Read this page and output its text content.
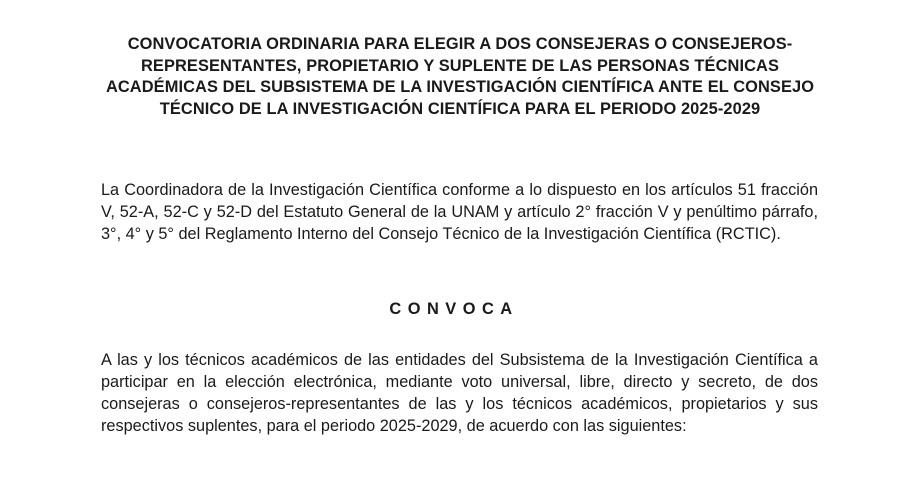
CONVOCATORIA ORDINARIA PARA ELEGIR A DOS CONSEJERAS O CONSEJEROS-REPRESENTANTES, PROPIETARIO Y SUPLENTE DE LAS PERSONAS TÉCNICAS ACADÉMICAS DEL SUBSISTEMA DE LA INVESTIGACIÓN CIENTÍFICA ANTE EL CONSEJO TÉCNICO DE LA INVESTIGACIÓN CIENTÍFICA PARA EL PERIODO 2025-2029

La Coordinadora de la Investigación Científica conforme a lo dispuesto en los artículos 51 fracción V, 52-A, 52-C y 52-D del Estatuto General de la UNAM y artículo 2° fracción V y penúltimo párrafo, 3°, 4° y 5° del Reglamento Interno del Consejo Técnico de la Investigación Científica (RCTIC).

CONVOCA

A las y los técnicos académicos de las entidades del Subsistema de la Investigación Científica a participar en la elección electrónica, mediante voto universal, libre, directo y secreto, de dos consejeras o consejeros-representantes de las y los técnicos académicos, propietarios y sus respectivos suplentes, para el periodo 2025-2029, de acuerdo con las siguientes:
